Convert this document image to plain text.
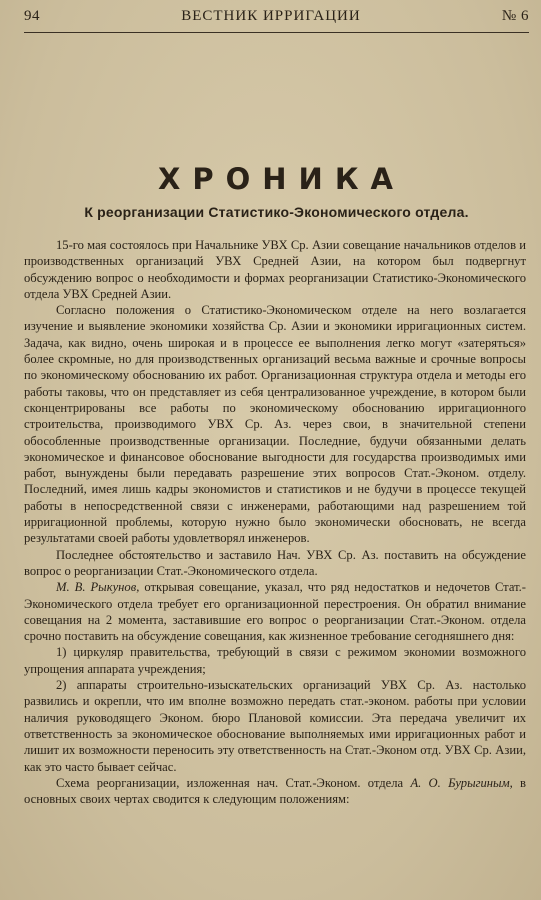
94	ВЕСТНИК ИРРИГАЦИИ	№ 6
ХРОНИКА
К реорганизации Статистико-Экономического отдела.

15-го мая состоялось при Начальнике УВХ Ср. Азии совещание начальников отделов и производственных организаций УВХ Средней Азии, на котором был подвергнут обсуждению вопрос о необходимости и формах реорганизации Статистико-Экономического отдела УВХ Средней Азии.

Согласно положения о Статистико-Экономическом отделе на него возлагается изучение и выявление экономики хозяйства Ср. Азии и экономики ирригационных систем. Задача, как видно, очень широкая и в процессе ее выполнения легко могут «затеряться» более скромные, но для производственных организаций весьма важные и срочные вопросы по экономическому обоснованию их работ. Организационная структура отдела и методы его работы таковы, что он представляет из себя централизованное учреждение, в котором были сконцентрированы все работы по экономическому обоснованию ирригационного строительства, производимого УВХ Ср. Аз. через свои, в значительной степени обособленные производственные организации. Последние, будучи обязанными делать экономическое и финансовое обоснование выгодности для государства производимых ими работ, вынуждены были передавать разрешение этих вопросов Стат.-Эконом. отделу. Последний, имея лишь кадры экономистов и статистиков и не будучи в процессе текущей работы в непосредственной связи с инженерами, работающими над разрешением той ирригационной проблемы, которую нужно было экономически обосновать, не всегда результатами своей работы удовлетворял инженеров.

Последнее обстоятельство и заставило Нач. УВХ Ср. Аз. поставить на обсуждение вопрос о реорганизации Стат.-Экономического отдела.

М. В. Рыкунов, открывая совещание, указал, что ряд недостатков и недочетов Стат.-Экономического отдела требует его организационной перестроения. Он обратил внимание совещания на 2 момента, заставившие его вопрос о реорганизации Стат.-Эконом. отдела срочно поставить на обсуждение совещания, как жизненное требование сегодняшнего дня:

1) циркуляр правительства, требующий в связи с режимом экономии возможного упрощения аппарата учреждения;

2) аппараты строительно-изыскательских организаций УВХ Ср. Аз. настолько развились и окрепли, что им вполне возможно передать стат.-эконом. работы при условии наличия руководящего Эконом. бюро Плановой комиссии. Эта передача увеличит их ответственность за экономическое обоснование выполняемых ими ирригационных работ и лишит их возможности переносить эту ответственность на Стат.-Эконом отд. УВХ Ср. Азии, как это часто бывает сейчас.

Схема реорганизации, изложенная нач. Стат.-Эконом. отдела А. О. Бурыгиным, в основных своих чертах сводится к следующим положениям:
